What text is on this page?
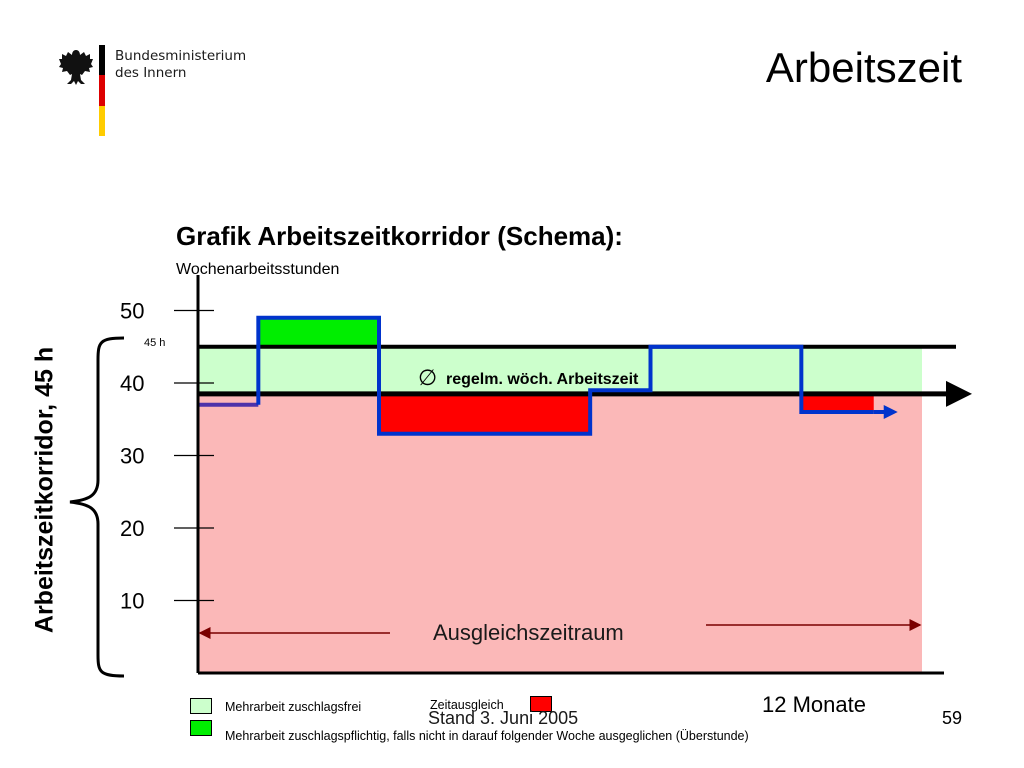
Bundesministerium
des Innern	Arbeitszeit
Grafik Arbeitszeitkorridor (Schema):
Wochenarbeitsstunden
Arbeitszeitkorridor, 45 h	10
20
30
40
50
45 h
∅ regelm. wöch. Arbeitszeit
Ausgleichszeitraum
12 Monate
Mehrarbeit zuschlagsfrei	Zeitausgleich
Mehrarbeit zuschlagspflichtig, falls nicht in darauf folgender Woche ausgeglichen (Überstunde)
Stand 3. Juni 2005	59
